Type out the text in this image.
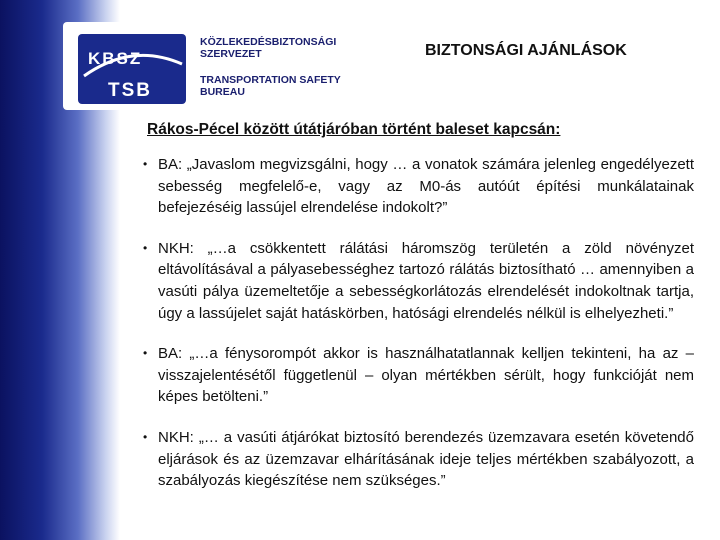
KBSZ
TSB
KÖZLEKEDÉSBIZTONSÁGI SZERVEZET
TRANSPORTATION SAFETY BUREAU
BIZTONSÁGI AJÁNLÁSOK
Rákos-Pécel között útátjáróban történt baleset kapcsán:
• BA: „Javaslom megvizsgálni, hogy … a vonatok számára jelenleg engedélyezett sebesség megfelelő-e, vagy az M0-ás autóút építési munkálatainak befejezéséig lassújel elrendelése indokolt?”
• NKH: „…a csökkentett rálátási háromszög területén a zöld növényzet eltávolításával a pályasebességhez tartozó rálátás biztosítható … amennyiben a vasúti pálya üzemeltetője a sebességkorlátozás elrendelését indokoltnak tartja, úgy a lassújelet saját hatáskörben, hatósági elrendelés nélkül is elhelyezheti.”
• BA: „…a fénysorompót akkor is használhatatlannak kelljen tekinteni, ha az – visszajelentésétől függetlenül – olyan mértékben sérült, hogy funkcióját nem képes betölteni.”
• NKH: „… a vasúti átjárókat biztosító berendezés üzemzavara esetén követendő eljárások és az üzemzavar elhárításának ideje teljes mértékben szabályozott, a szabályozás kiegészítése nem szükséges.”
